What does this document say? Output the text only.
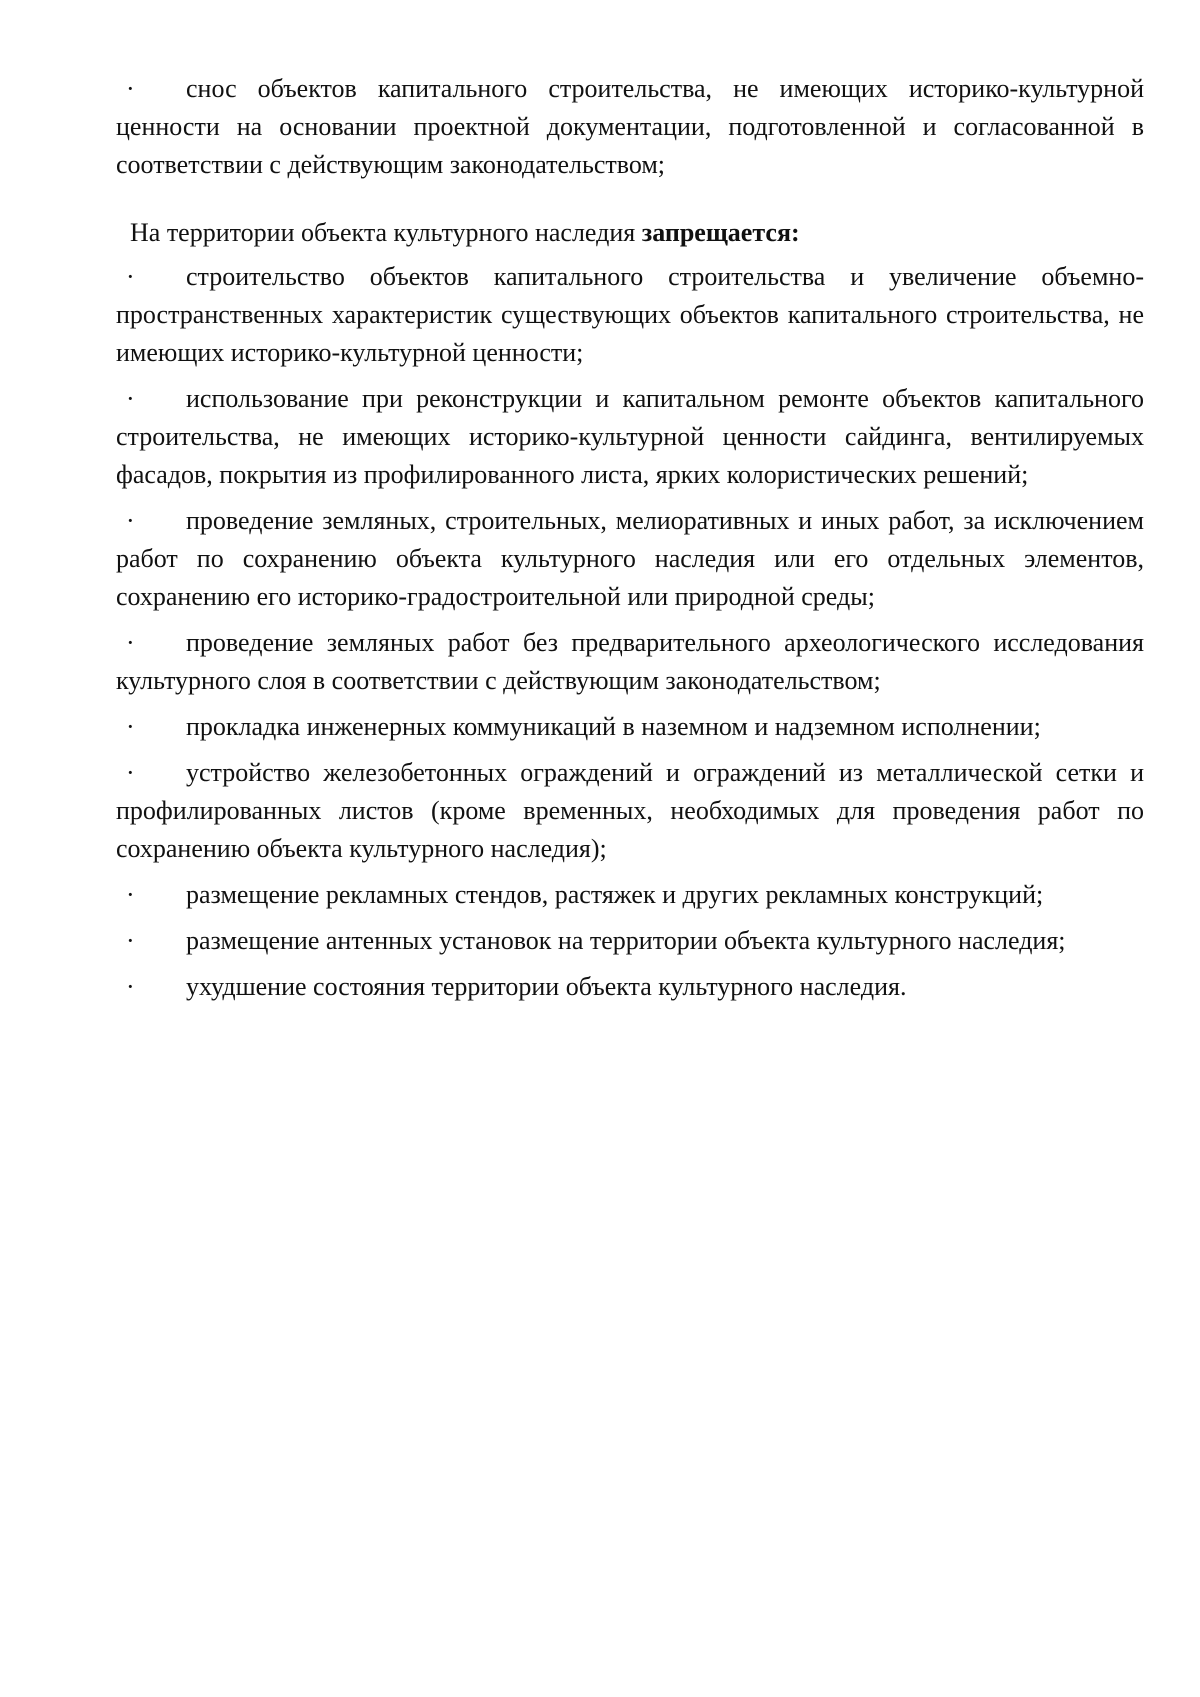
·	снос объектов капитального строительства, не имеющих историко-культурной ценности на основании проектной документации, подготовленной и согласованной в соответствии с действующим законодательством;
На территории объекта культурного наследия запрещается:
·	строительство объектов капитального строительства и увеличение объемно-пространственных характеристик существующих объектов капитального строительства, не имеющих историко-культурной ценности;
·	использование при реконструкции и капитальном ремонте объектов капитального строительства, не имеющих историко-культурной ценности сайдинга, вентилируемых фасадов, покрытия из профилированного листа, ярких колористических решений;
·	проведение земляных, строительных, мелиоративных и иных работ, за исключением работ по сохранению объекта культурного наследия или его отдельных элементов, сохранению его историко-градостроительной или природной среды;
·	проведение земляных работ без предварительного археологического исследования культурного слоя в соответствии с действующим законодательством;
·	прокладка инженерных коммуникаций в наземном и надземном исполнении;
·	устройство железобетонных ограждений и ограждений из металлической сетки и профилированных листов (кроме временных, необходимых для проведения работ по сохранению объекта культурного наследия);
·	размещение рекламных стендов, растяжек и других рекламных конструкций;
·	размещение антенных установок на территории объекта культурного наследия;
·	ухудшение состояния территории объекта культурного наследия.
